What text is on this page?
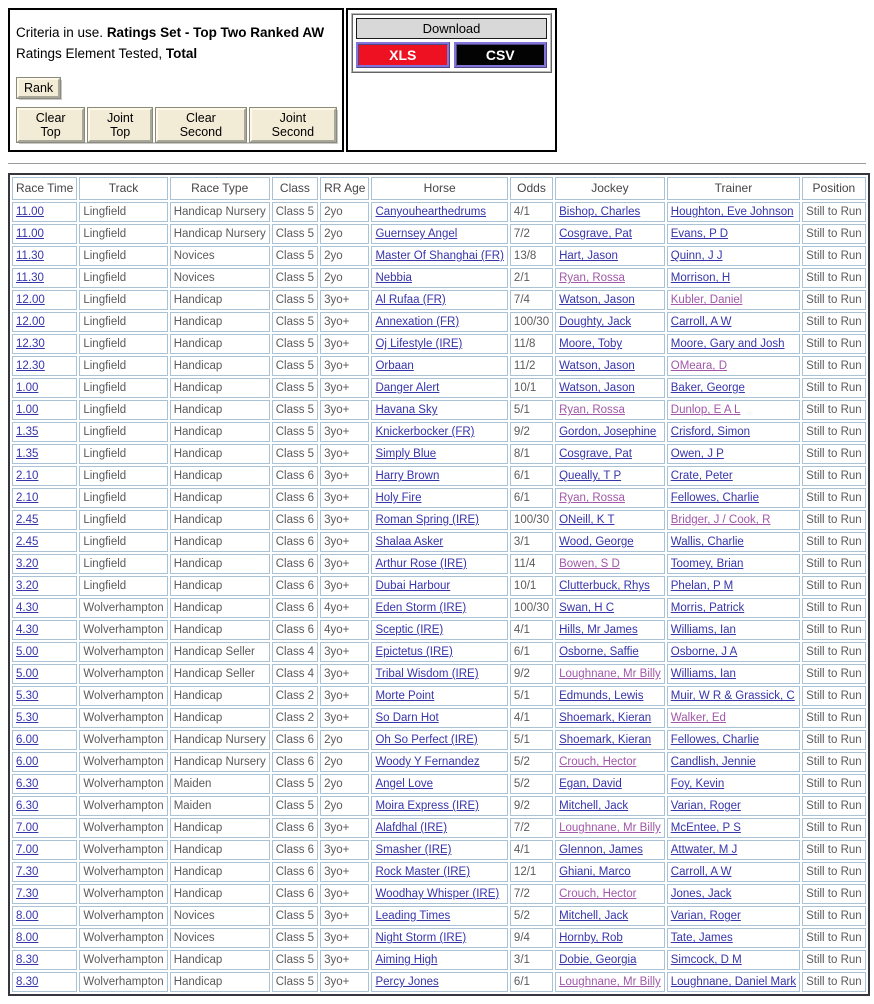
Criteria in use. Ratings Set - Top Two Ranked AW
Ratings Element Tested, Total

Rank

Clear Top
Joint Top
Clear Second
Joint Second
Download
XLS	CSV
Race Time	Track	Race Type	Class	RR Age	Horse	Odds	Jockey	Trainer	Position
11.00	Lingfield	Handicap Nursery	Class 5	2yo	Canyouhearthedrums	4/1	Bishop, Charles	Houghton, Eve Johnson	Still to Run
11.00	Lingfield	Handicap Nursery	Class 5	2yo	Guernsey Angel	7/2	Cosgrave, Pat	Evans, P D	Still to Run
11.30	Lingfield	Novices	Class 5	2yo	Master Of Shanghai (FR)	13/8	Hart, Jason	Quinn, J J	Still to Run
11.30	Lingfield	Novices	Class 5	2yo	Nebbia	2/1	Ryan, Rossa	Morrison, H	Still to Run
12.00	Lingfield	Handicap	Class 5	3yo+	Al Rufaa (FR)	7/4	Watson, Jason	Kubler, Daniel	Still to Run
12.00	Lingfield	Handicap	Class 5	3yo+	Annexation (FR)	100/30	Doughty, Jack	Carroll, A W	Still to Run
12.30	Lingfield	Handicap	Class 5	3yo+	Oj Lifestyle (IRE)	11/8	Moore, Toby	Moore, Gary and Josh	Still to Run
12.30	Lingfield	Handicap	Class 5	3yo+	Orbaan	11/2	Watson, Jason	OMeara, D	Still to Run
1.00	Lingfield	Handicap	Class 5	3yo+	Danger Alert	10/1	Watson, Jason	Baker, George	Still to Run
1.00	Lingfield	Handicap	Class 5	3yo+	Havana Sky	5/1	Ryan, Rossa	Dunlop, E A L	Still to Run
1.35	Lingfield	Handicap	Class 5	3yo+	Knickerbocker (FR)	9/2	Gordon, Josephine	Crisford, Simon	Still to Run
1.35	Lingfield	Handicap	Class 5	3yo+	Simply Blue	8/1	Cosgrave, Pat	Owen, J P	Still to Run
2.10	Lingfield	Handicap	Class 6	3yo+	Harry Brown	6/1	Queally, T P	Crate, Peter	Still to Run
2.10	Lingfield	Handicap	Class 6	3yo+	Holy Fire	6/1	Ryan, Rossa	Fellowes, Charlie	Still to Run
2.45	Lingfield	Handicap	Class 6	3yo+	Roman Spring (IRE)	100/30	ONeill, K T	Bridger, J / Cook, R	Still to Run
2.45	Lingfield	Handicap	Class 6	3yo+	Shalaa Asker	3/1	Wood, George	Wallis, Charlie	Still to Run
3.20	Lingfield	Handicap	Class 6	3yo+	Arthur Rose (IRE)	11/4	Bowen, S D	Toomey, Brian	Still to Run
3.20	Lingfield	Handicap	Class 6	3yo+	Dubai Harbour	10/1	Clutterbuck, Rhys	Phelan, P M	Still to Run
4.30	Wolverhampton	Handicap	Class 6	4yo+	Eden Storm (IRE)	100/30	Swan, H C	Morris, Patrick	Still to Run
4.30	Wolverhampton	Handicap	Class 6	4yo+	Sceptic (IRE)	4/1	Hills, Mr James	Williams, Ian	Still to Run
5.00	Wolverhampton	Handicap Seller	Class 4	3yo+	Epictetus (IRE)	6/1	Osborne, Saffie	Osborne, J A	Still to Run
5.00	Wolverhampton	Handicap Seller	Class 4	3yo+	Tribal Wisdom (IRE)	9/2	Loughnane, Mr Billy	Williams, Ian	Still to Run
5.30	Wolverhampton	Handicap	Class 2	3yo+	Morte Point	5/1	Edmunds, Lewis	Muir, W R & Grassick, C	Still to Run
5.30	Wolverhampton	Handicap	Class 2	3yo+	So Darn Hot	4/1	Shoemark, Kieran	Walker, Ed	Still to Run
6.00	Wolverhampton	Handicap Nursery	Class 6	2yo	Oh So Perfect (IRE)	5/1	Shoemark, Kieran	Fellowes, Charlie	Still to Run
6.00	Wolverhampton	Handicap Nursery	Class 6	2yo	Woody Y Fernandez	5/2	Crouch, Hector	Candlish, Jennie	Still to Run
6.30	Wolverhampton	Maiden	Class 5	2yo	Angel Love	5/2	Egan, David	Foy, Kevin	Still to Run
6.30	Wolverhampton	Maiden	Class 5	2yo	Moira Express (IRE)	9/2	Mitchell, Jack	Varian, Roger	Still to Run
7.00	Wolverhampton	Handicap	Class 6	3yo+	Alafdhal (IRE)	7/2	Loughnane, Mr Billy	McEntee, P S	Still to Run
7.00	Wolverhampton	Handicap	Class 6	3yo+	Smasher (IRE)	4/1	Glennon, James	Attwater, M J	Still to Run
7.30	Wolverhampton	Handicap	Class 6	3yo+	Rock Master (IRE)	12/1	Ghiani, Marco	Carroll, A W	Still to Run
7.30	Wolverhampton	Handicap	Class 6	3yo+	Woodhay Whisper (IRE)	7/2	Crouch, Hector	Jones, Jack	Still to Run
8.00	Wolverhampton	Novices	Class 5	3yo+	Leading Times	5/2	Mitchell, Jack	Varian, Roger	Still to Run
8.00	Wolverhampton	Novices	Class 5	3yo+	Night Storm (IRE)	9/4	Hornby, Rob	Tate, James	Still to Run
8.30	Wolverhampton	Handicap	Class 5	3yo+	Aiming High	3/1	Dobie, Georgia	Simcock, D M	Still to Run
8.30	Wolverhampton	Handicap	Class 5	3yo+	Percy Jones	6/1	Loughnane, Mr Billy	Loughnane, Daniel Mark	Still to Run
